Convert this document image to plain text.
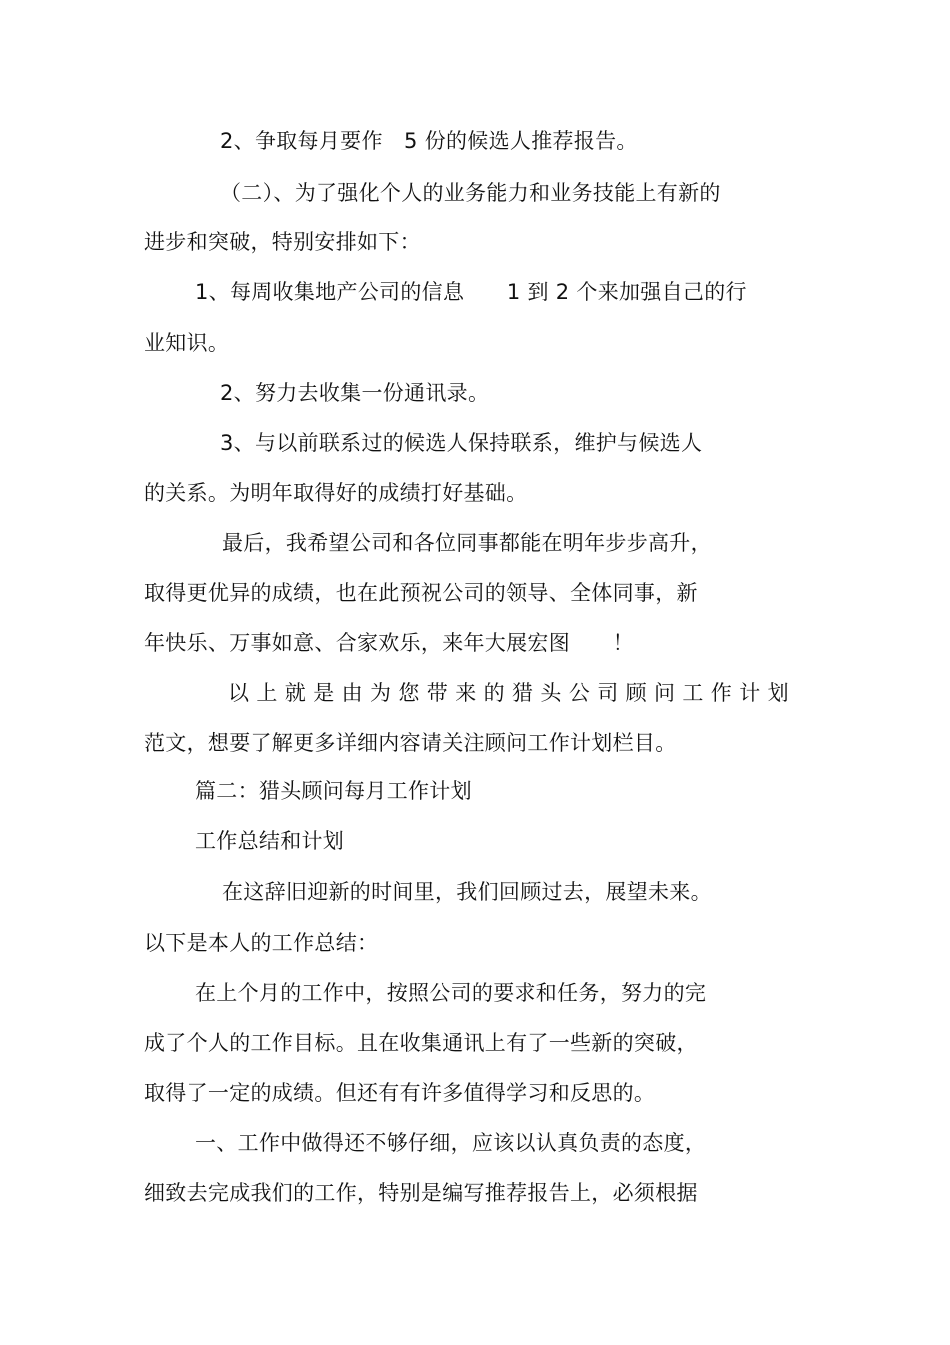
2、争取每月要作　5 份的候选人推荐报告。
（二）、为了强化个人的业务能力和业务技能上有新的
进步和突破，特别安排如下：
1、每周收集地产公司的信息　　1 到 2 个来加强自己的行
业知识。
2、努力去收集一份通讯录。
3、与以前联系过的候选人保持联系，维护与候选人
的关系。为明年取得好的成绩打好基础。
最后，我希望公司和各位同事都能在明年步步高升，
取得更优异的成绩，也在此预祝公司的领导、全体同事，新
年快乐、万事如意、合家欢乐，来年大展宏图　　！
以上就是由为您带来的猎头公司顾问工作计划
范文，想要了解更多详细内容请关注顾问工作计划栏目。
篇二：猎头顾问每月工作计划
工作总结和计划
在这辞旧迎新的时间里，我们回顾过去，展望未来。
以下是本人的工作总结：
在上个月的工作中，按照公司的要求和任务，努力的完
成了个人的工作目标。且在收集通讯上有了一些新的突破，
取得了一定的成绩。但还有有许多值得学习和反思的。
一、工作中做得还不够仔细，应该以认真负责的态度，
细致去完成我们的工作，特别是编写推荐报告上，必须根据
